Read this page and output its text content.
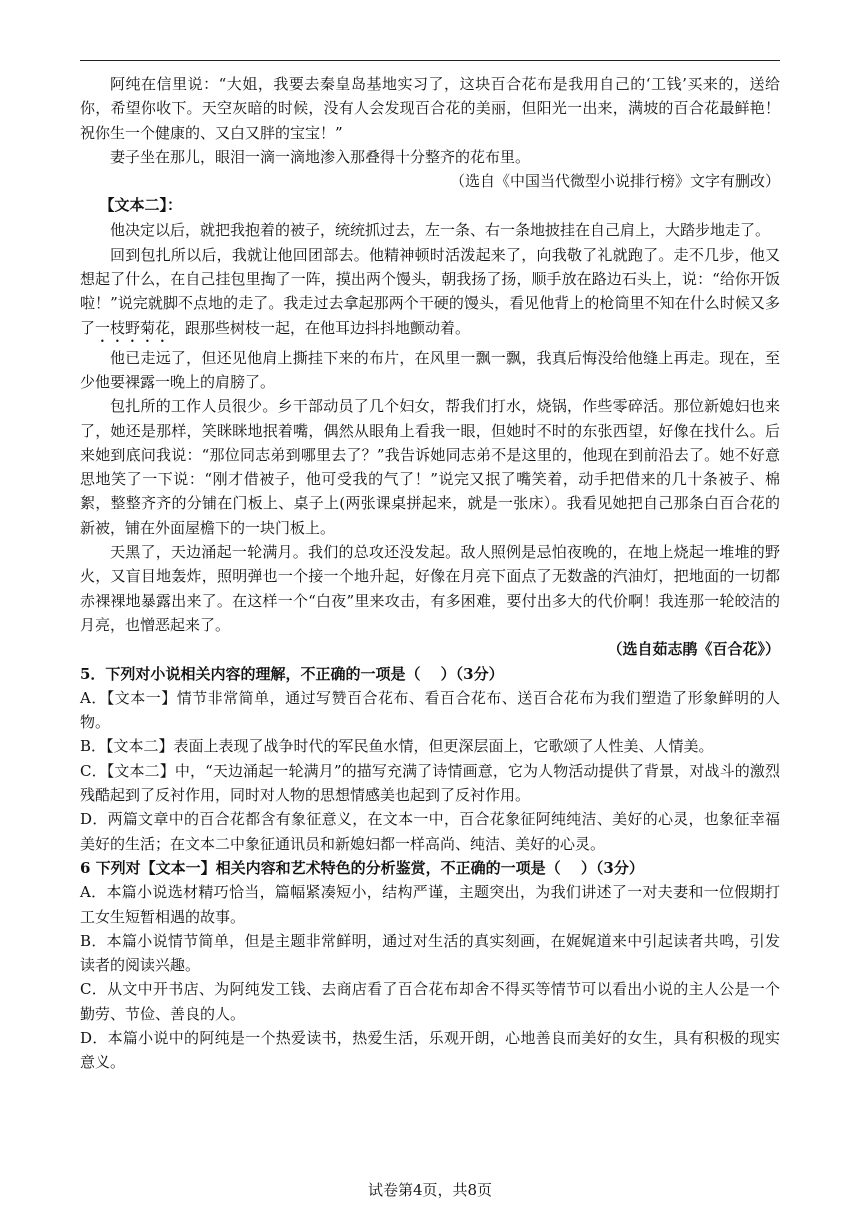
阿纯在信里说：“大姐，我要去秦皇岛基地实习了，这块百合花布是我用自己的‘工钱’买来的，送给你，希望你收下。天空灰暗的时候，没有人会发现百合花的美丽，但阳光一出来，满坡的百合花最鲜艳！祝你生一个健康的、又白又胖的宝宝！”

妻子坐在那儿，眼泪一滴一滴地渗入那叠得十分整齐的花布里。

（选自《中国当代微型小说排行榜》文字有删改）

【文本二】：

他决定以后，就把我抱着的被子，统统抓过去，左一条、右一条地披挂在自己肩上，大踏步地走了。

回到包扎所以后，我就让他回团部去。他精神顿时活泼起来了，向我敬了礼就跑了。走不几步，他又想起了什么，在自己挂包里掏了一阵，摸出两个馒头，朝我扬了扬，顺手放在路边石头上，说：“给你开饭啦！”说完就脚不点地的走了。我走过去拿起那两个干硬的馒头，看见他背上的枪筒里不知在什么时候又多了一枝野菊花，跟那些树枝一起，在他耳边抖抖地颤动着。

他已走远了，但还见他肩上撕挂下来的布片，在风里一飘一飘，我真后悔没给他缝上再走。现在，至少他要裸露一晚上的肩膀了。

包扎所的工作人员很少。乡干部动员了几个妇女，帮我们打水，烧锅，作些零碎活。那位新媳妇也来了，她还是那样，笑眯眯地抿着嘴，偶然从眼角上看我一眼，但她时不时的东张西望，好像在找什么。后来她到底问我说：“那位同志弟到哪里去了？”我告诉她同志弟不是这里的，他现在到前沿去了。她不好意思地笑了一下说：“刚才借被子，他可受我的气了！”说完又抿了嘴笑着，动手把借来的几十条被子、棉絮，整整齐齐的分铺在门板上、桌子上(两张课桌拼起来，就是一张床）。我看见她把自己那条白百合花的新被，铺在外面屋檐下的一块门板上。

天黑了，天边涌起一轮满月。我们的总攻还没发起。敌人照例是忌怕夜晚的，在地上烧起一堆堆的野火，又盲目地轰炸，照明弹也一个接一个地升起，好像在月亮下面点了无数盏的汽油灯，把地面的一切都赤裸裸地暴露出来了。在这样一个“白夜”里来攻击，有多困难，要付出多大的代价啊！我连那一轮皎洁的月亮，也憎恶起来了。

（选自茹志鹃《百合花》）

5．下列对小说相关内容的理解，不正确的一项是（　 ）（3分）

A．【文本一】情节非常简单，通过写赞百合花布、看百合花布、送百合花布为我们塑造了形象鲜明的人物。

B．【文本二】表面上表现了战争时代的军民鱼水情，但更深层面上，它歌颂了人性美、人情美。

C．【文本二】中，“天边涌起一轮满月”的描写充满了诗情画意，它为人物活动提供了背景，对战斗的激烈残酷起到了反衬作用，同时对人物的思想情感美也起到了反衬作用。

D．两篇文章中的百合花都含有象征意义，在文本一中，百合花象征阿纯纯洁、美好的心灵，也象征幸福美好的生活；在文本二中象征通讯员和新媳妇都一样高尚、纯洁、美好的心灵。

6 下列对【文本一】相关内容和艺术特色的分析鉴赏，不正确的一项是（　 ）（3分）

A．本篇小说选材精巧恰当，篇幅紧凑短小，结构严谨，主题突出，为我们讲述了一对夫妻和一位假期打工女生短暂相遇的故事。

B．本篇小说情节简单，但是主题非常鲜明，通过对生活的真实刻画，在娓娓道来中引起读者共鸣，引发读者的阅读兴趣。

C．从文中开书店、为阿纯发工钱、去商店看了百合花布却舍不得买等情节可以看出小说的主人公是一个勤劳、节俭、善良的人。

D．本篇小说中的阿纯是一个热爱读书，热爱生活，乐观开朗，心地善良而美好的女生，具有积极的现实意义。

试卷第4页，共8页
